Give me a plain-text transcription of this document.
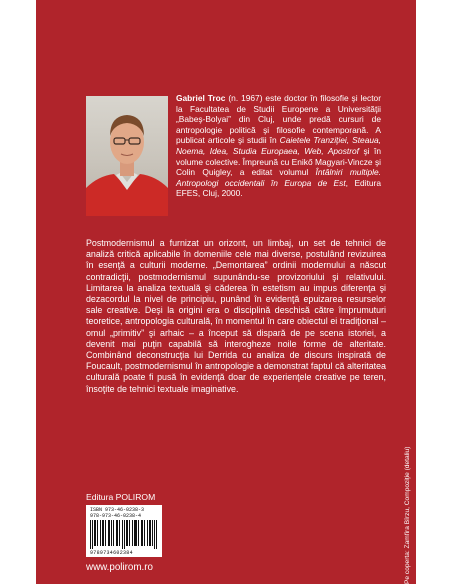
Gabriel Troc (n. 1967) este doctor în filosofie şi lector la Facultatea de Studii Europene a Universităţii „Babeş-Bolyai” din Cluj, unde predă cursuri de antropologie politică şi filosofie contemporană. A publicat articole şi studii în Caietele Tranziţiei, Steaua, Noema, Idea, Studia Europaea, Web, Apostrof şi în volume colective. Împreună cu Enikő Magyari-Vincze şi Colin Quigley, a editat volumul Întâlniri multiple. Antropologi occidentali în Europa de Est, Editura EFES, Cluj, 2000.
Postmodernismul a furnizat un orizont, un limbaj, un set de tehnici de analiză critică aplicabile în domeniile cele mai diverse, postulând revizuirea în esenţă a culturii moderne. „Demontarea” ordinii modernului a născut contradicţii, postmodernismul supunându-se provizoriului şi relativului. Limitarea la analiza textuală şi căderea în estetism au impus diferenţa şi dezacordul la nivel de principiu, punând în evidenţă epuizarea resurselor sale creative. Deşi la origini era o disciplină deschisă către împrumuturi teoretice, antropologia culturală, în momentul în care obiectul ei tradiţional – omul „primitiv” şi arhaic – a început să dispară de pe scena istoriei, a devenit mai puţin capabilă să interogheze noile forme de alteritate. Combinând deconstrucţia lui Derrida cu analiza de discurs inspirată de Foucault, postmodernismul în antropologie a demonstrat faptul că alteritatea culturală poate fi pusă în evidenţă doar de experienţele creative pe teren, însoţite de tehnici textuale imaginative.
Editura POLIROM
ISBN 973-46-0238-3
978-973-46-0238-4
9789734602384
www.polirom.ro	Pe coperta: Zamfira Bîrzu, Compoziţie (detaliu)
